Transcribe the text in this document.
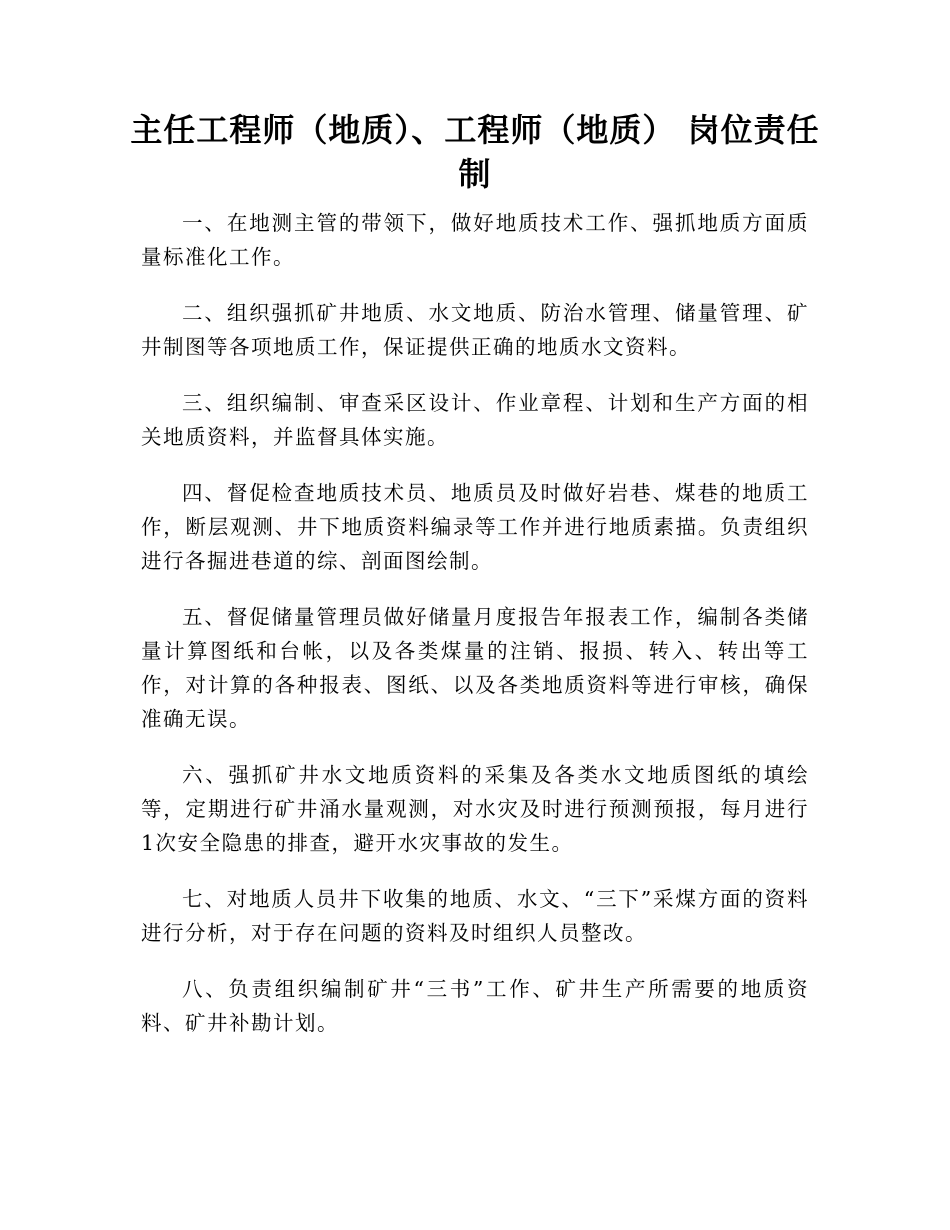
主任工程师（地质）、工程师（地质） 岗位责任制

一、在地测主管的带领下，做好地质技术工作、强抓地质方面质量标准化工作。

二、组织强抓矿井地质、水文地质、防治水管理、储量管理、矿井制图等各项地质工作，保证提供正确的地质水文资料。

三、组织编制、审查采区设计、作业章程、计划和生产方面的相关地质资料，并监督具体实施。

四、督促检查地质技术员、地质员及时做好岩巷、煤巷的地质工作，断层观测、井下地质资料编录等工作并进行地质素描。负责组织进行各掘进巷道的综、剖面图绘制。

五、督促储量管理员做好储量月度报告年报表工作，编制各类储量计算图纸和台帐，以及各类煤量的注销、报损、转入、转出等工作，对计算的各种报表、图纸、以及各类地质资料等进行审核，确保准确无误。

六、强抓矿井水文地质资料的采集及各类水文地质图纸的填绘等，定期进行矿井涌水量观测，对水灾及时进行预测预报，每月进行1次安全隐患的排查，避开水灾事故的发生。

七、对地质人员井下收集的地质、水文、“三下”采煤方面的资料进行分析，对于存在问题的资料及时组织人员整改。

八、负责组织编制矿井“三书”工作、矿井生产所需要的地质资料、矿井补勘计划。
